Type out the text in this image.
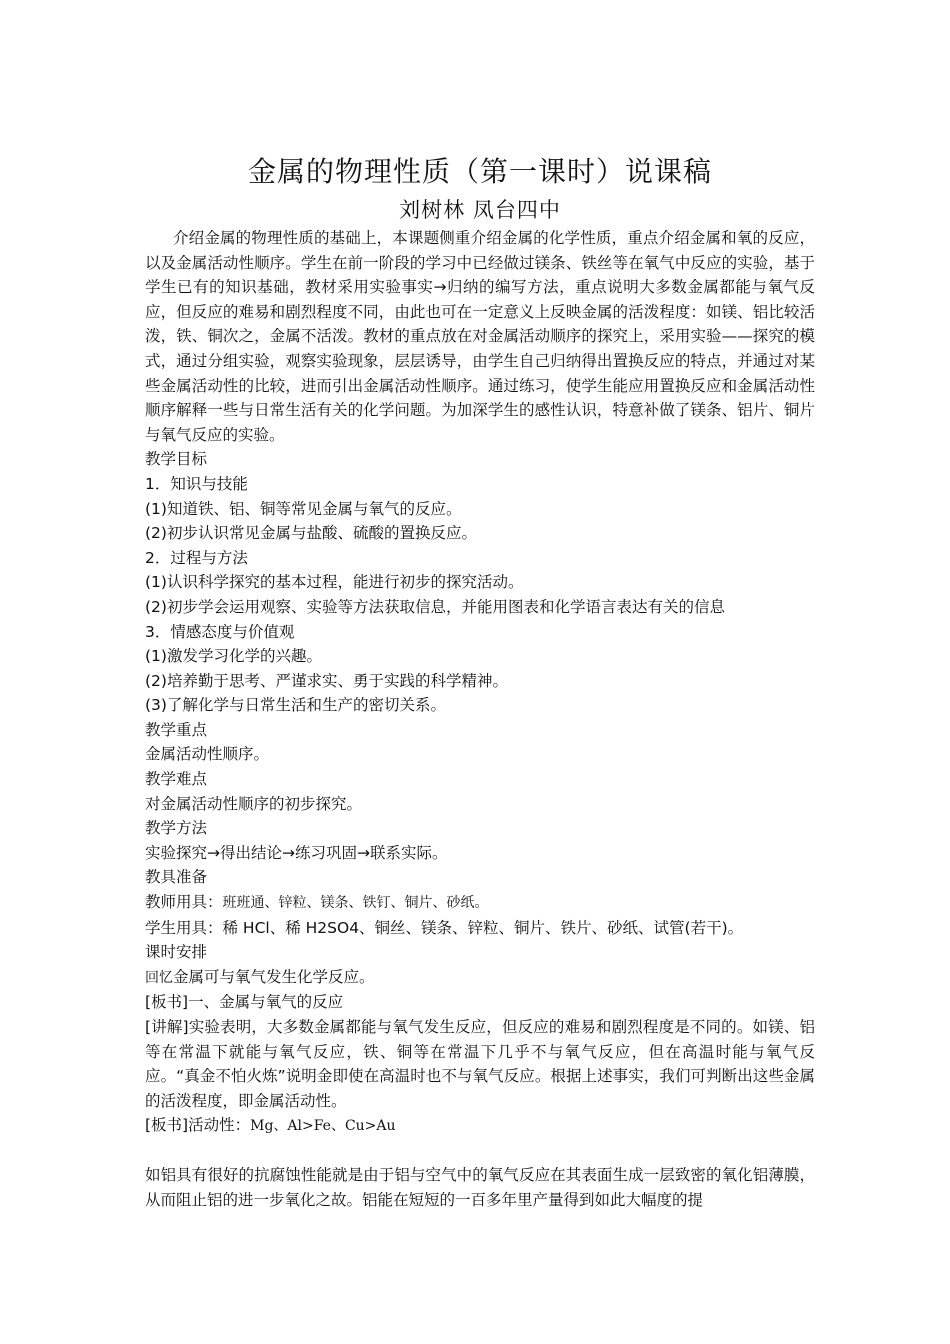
金属的物理性质（第一课时）说课稿

刘树林 凤台四中

介绍金属的物理性质的基础上，本课题侧重介绍金属的化学性质，重点介绍金属和氧的反应，以及金属活动性顺序。学生在前一阶段的学习中已经做过镁条、铁丝等在氧气中反应的实验，基于学生已有的知识基础，教材采用实验事实→归纳的编写方法，重点说明大多数金属都能与氧气反应，但反应的难易和剧烈程度不同，由此也可在一定意义上反映金属的活泼程度：如镁、铝比较活泼，铁、铜次之，金属不活泼。教材的重点放在对金属活动顺序的探究上，采用实验——探究的模式，通过分组实验，观察实验现象，层层诱导，由学生自己归纳得出置换反应的特点，并通过对某些金属活动性的比较，进而引出金属活动性顺序。通过练习，使学生能应用置换反应和金属活动性顺序解释一些与日常生活有关的化学问题。为加深学生的感性认识，特意补做了镁条、铝片、铜片与氧气反应的实验。

教学目标

1．知识与技能

(1)知道铁、铝、铜等常见金属与氧气的反应。

(2)初步认识常见金属与盐酸、硫酸的置换反应。

2．过程与方法

(1)认识科学探究的基本过程，能进行初步的探究活动。

(2)初步学会运用观察、实验等方法获取信息，并能用图表和化学语言表达有关的信息

3．情感态度与价值观

(1)激发学习化学的兴趣。

(2)培养勤于思考、严谨求实、勇于实践的科学精神。

(3)了解化学与日常生活和生产的密切关系。

教学重点

金属活动性顺序。

教学难点

对金属活动性顺序的初步探究。

教学方法

实验探究→得出结论→练习巩固→联系实际。

教具准备

教师用具：班班通、锌粒、镁条、铁钉、铜片、砂纸。

学生用具：稀 HCl、稀 H2SO4、铜丝、镁条、锌粒、铜片、铁片、砂纸、试管(若干)。

课时安排

回忆金属可与氧气发生化学反应。

[板书]一、金属与氧气的反应

[讲解]实验表明，大多数金属都能与氧气发生反应，但反应的难易和剧烈程度是不同的。如镁、铝等在常温下就能与氧气反应，铁、铜等在常温下几乎不与氧气反应，但在高温时能与氧气反应。“真金不怕火炼”说明金即使在高温时也不与氧气反应。根据上述事实，我们可判断出这些金属的活泼程度，即金属活动性。

[板书]活动性：Mg、Al>Fe、Cu>Au

如铝具有很好的抗腐蚀性能就是由于铝与空气中的氧气反应在其表面生成一层致密的氧化铝薄膜，从而阻止铝的进一步氧化之故。铝能在短短的一百多年里产量得到如此大幅度的提
